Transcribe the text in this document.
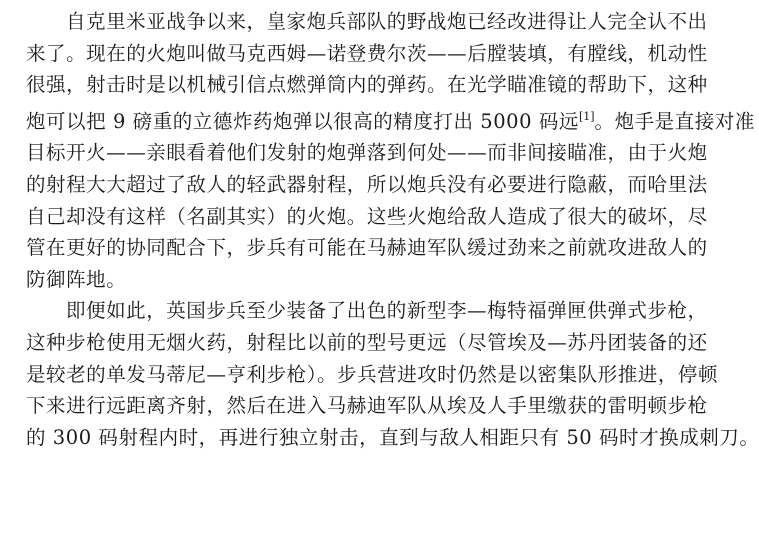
自克里米亚战争以来，皇家炮兵部队的野战炮已经改进得让人完全认不出
来了。现在的火炮叫做马克西姆—诺登费尔茨——后膛装填，有膛线，机动性
很强，射击时是以机械引信点燃弹筒内的弹药。在光学瞄准镜的帮助下，这种
炮可以把 9 磅重的立德炸药炮弹以很高的精度打出 5000 码远[1]。炮手是直接对准
目标开火——亲眼看着他们发射的炮弹落到何处——而非间接瞄准，由于火炮
的射程大大超过了敌人的轻武器射程，所以炮兵没有必要进行隐蔽，而哈里法
自己却没有这样（名副其实）的火炮。这些火炮给敌人造成了很大的破坏，尽
管在更好的协同配合下，步兵有可能在马赫迪军队缓过劲来之前就攻进敌人的
防御阵地。

即便如此，英国步兵至少装备了出色的新型李—梅特福弹匣供弹式步枪，
这种步枪使用无烟火药，射程比以前的型号更远（尽管埃及—苏丹团装备的还
是较老的单发马蒂尼—亨利步枪）。步兵营进攻时仍然是以密集队形推进，停顿
下来进行远距离齐射，然后在进入马赫迪军队从埃及人手里缴获的雷明顿步枪
的 300 码射程内时，再进行独立射击，直到与敌人相距只有 50 码时才换成刺刀。
